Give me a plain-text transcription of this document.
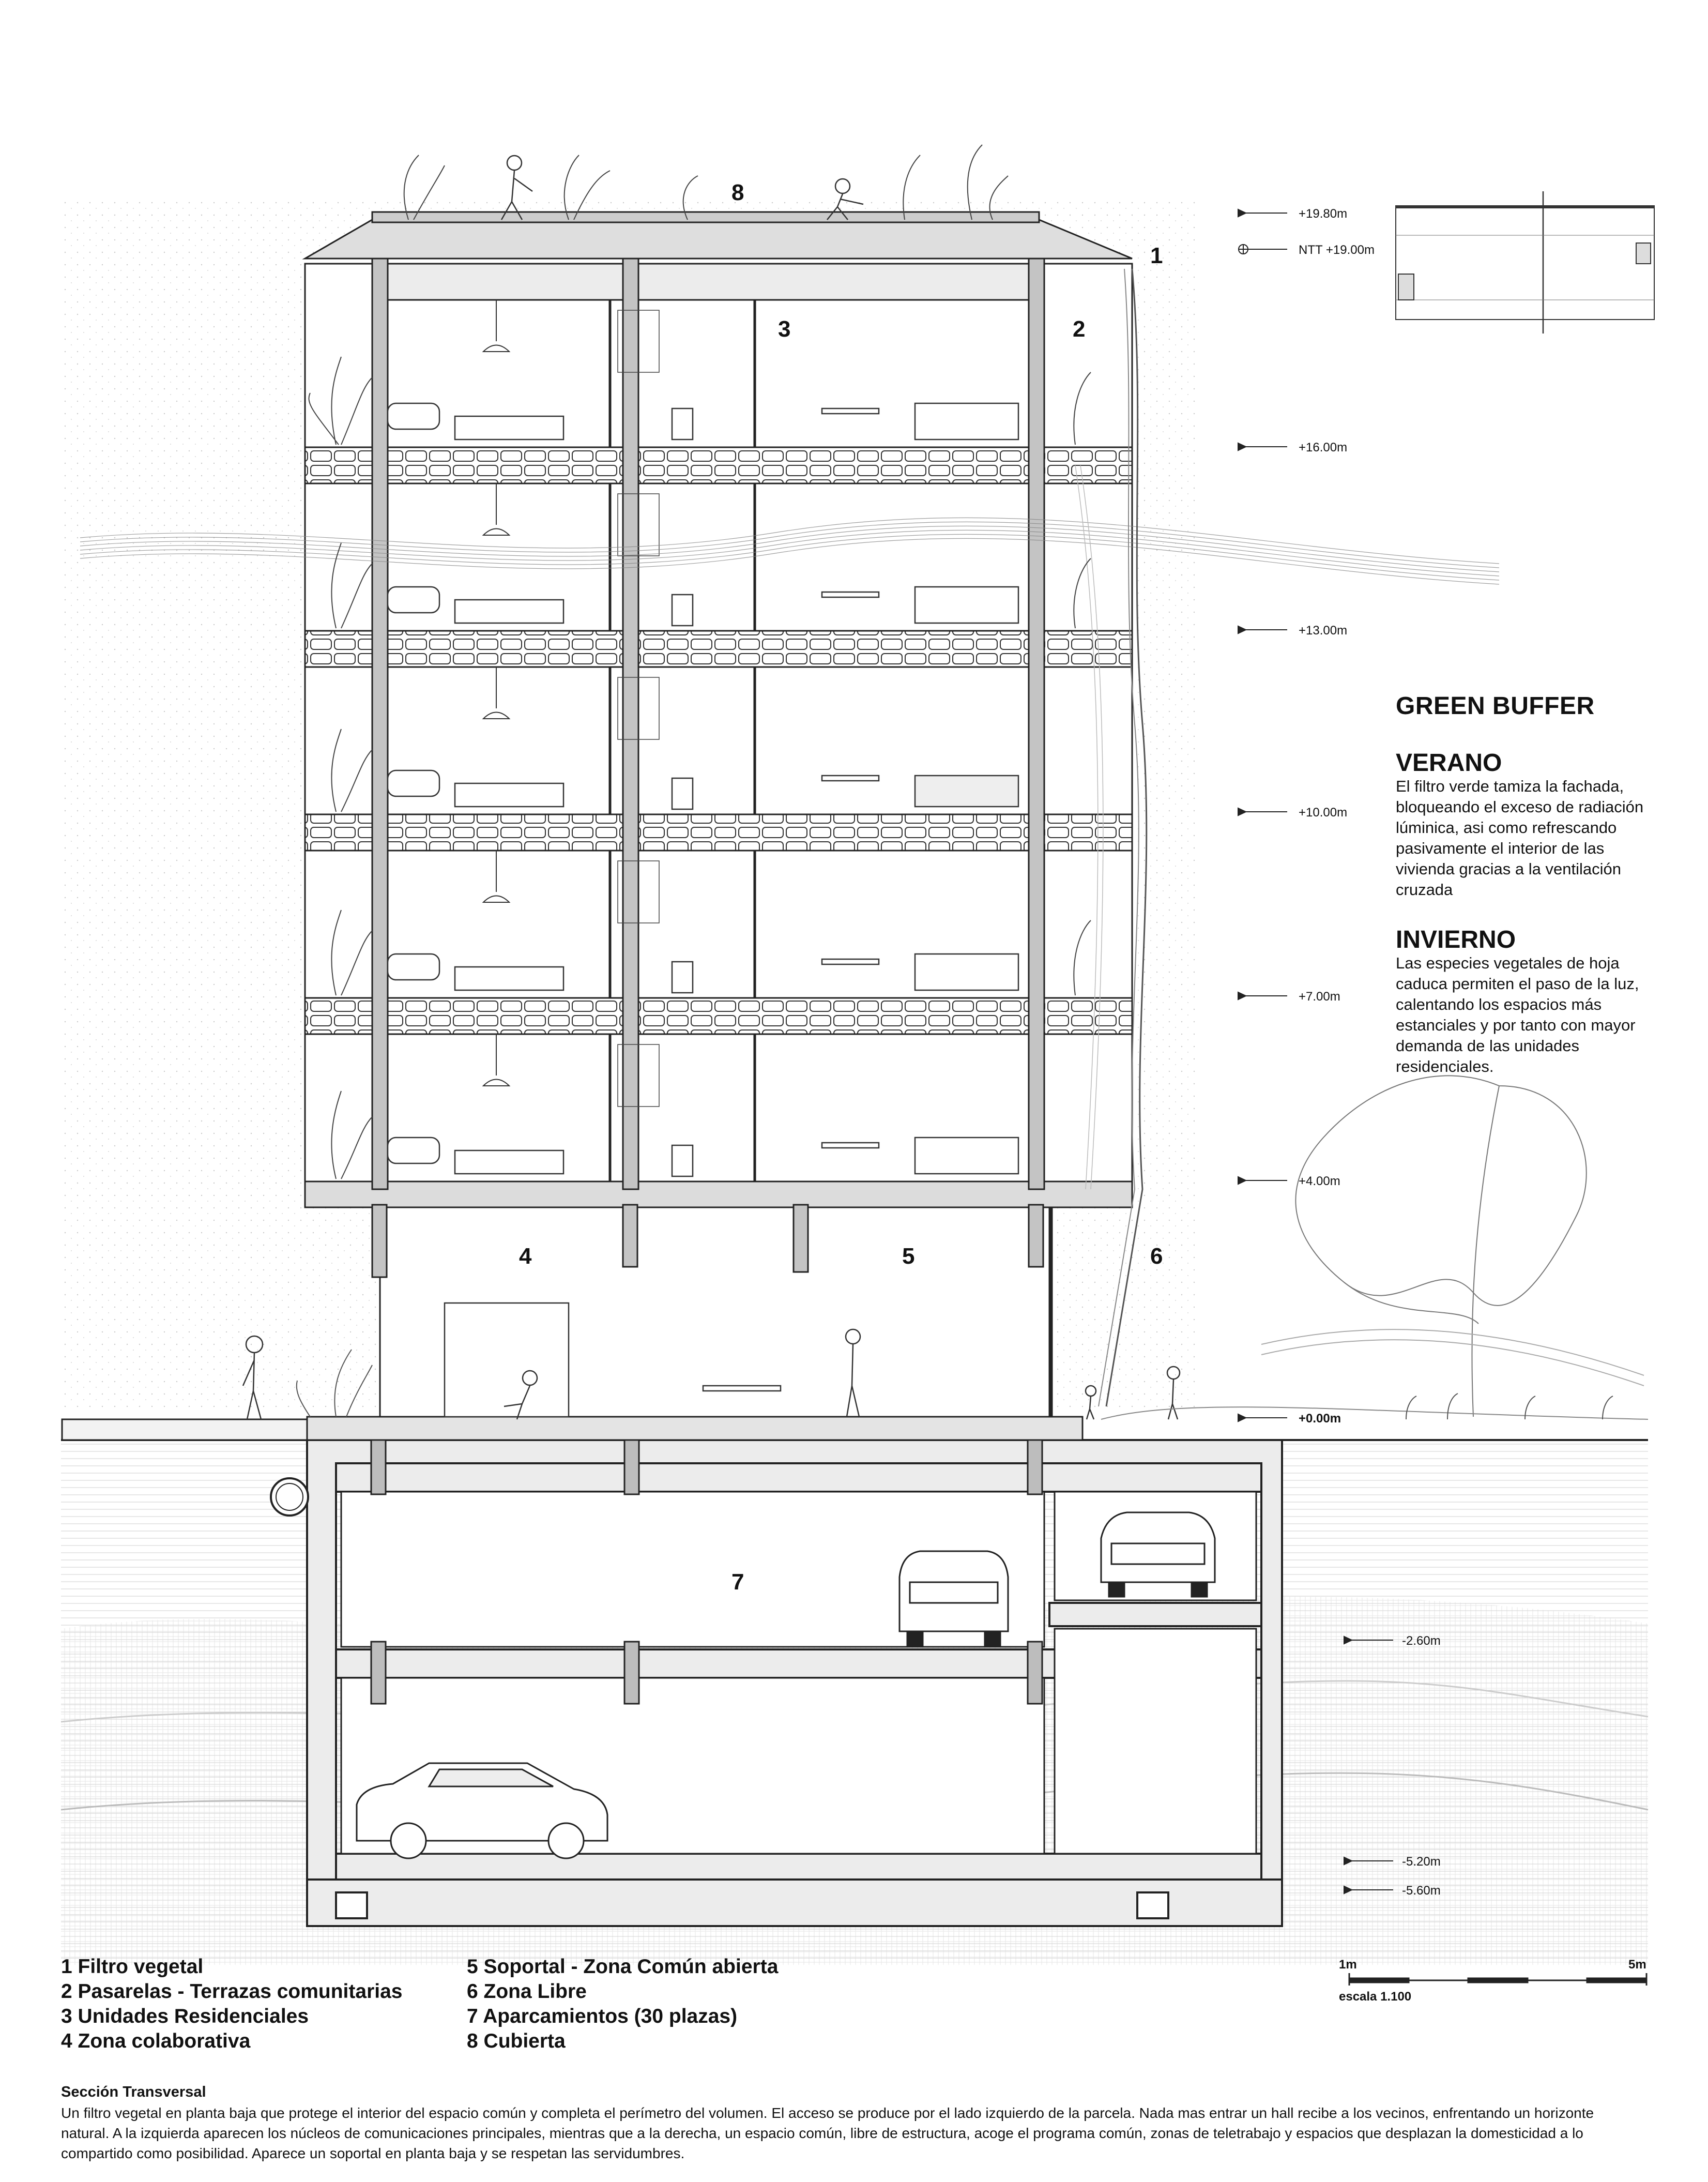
1
2
3
4	5	6
7
8
+19.80m
NTT +19.00m
+16.00m
+13.00m
+10.00m
+7.00m
+4.00m
+0.00m
-2.60m
-5.20m
-5.60m
GREEN BUFFER
VERANO

El filtro verde tamiza la fachada, bloqueando el exceso de radiación lúminica, asi como refrescando pasivamente el interior de las vivienda gracias a la ventilación cruzada

INVIERNO

Las especies vegetales de hoja caduca permiten el paso de la luz, calentando los espacios más estanciales y por tanto con mayor demanda de las unidades residenciales.

1 Filtro vegetal
2 Pasarelas - Terrazas comunitarias
3 Unidades Residenciales
4 Zona colaborativa
5 Soportal - Zona Común abierta
6 Zona Libre
7 Aparcamientos (30 plazas)
8 Cubierta
1m	5m
escala 1.100
Sección Transversal
Un filtro vegetal en planta baja que protege el interior del espacio común y completa el perímetro del volumen. El acceso se produce por el lado izquierdo de la parcela. Nada mas entrar un hall recibe a los vecinos, enfrentando un horizonte natural. A la izquierda aparecen los núcleos de comunicaciones principales, mientras que a la derecha, un espacio común, libre de estructura, acoge el programa común, zonas de teletrabajo y espacios que desplazan la domesticidad a lo compartido como posibilidad. Aparece un soportal en planta baja y se respetan las servidumbres.
